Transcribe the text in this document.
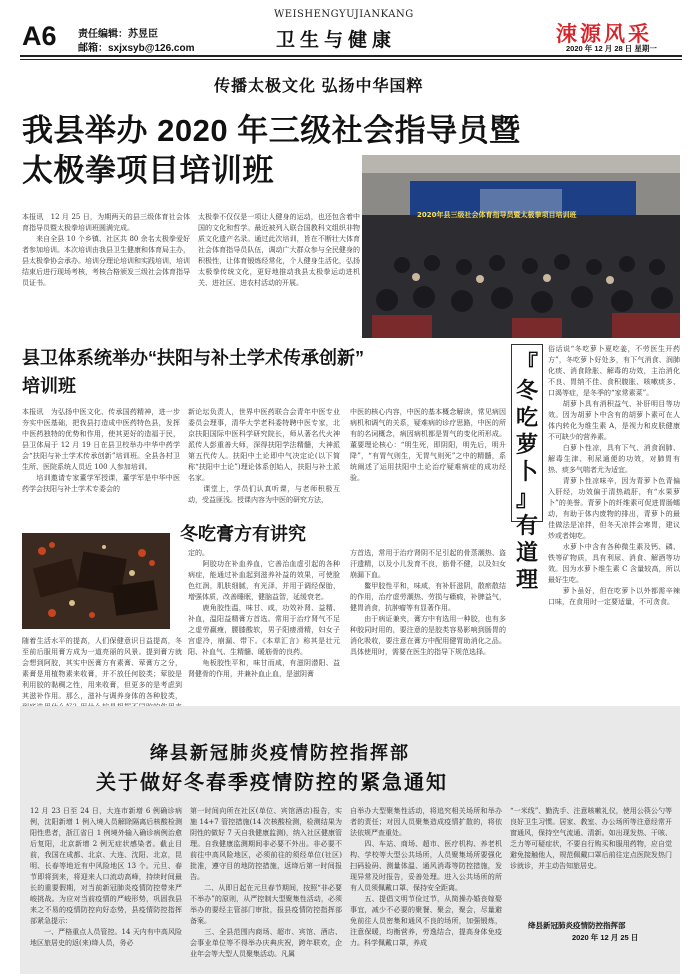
A6 责任编辑：苏昱臣
邮箱：sxjxsyb@126.com
WEISHENGYUJIANKANG
卫生与健康	涑源风采
2020 年 12 月 28 日 星期一
传播太极文化 弘扬中华国粹
我县举办 2020 年三级社会指导员暨
太极拳项目培训班
本报讯　12 月 25 日，为期两天的县三级体育社会体育指导员暨太极拳培训班圆满完成。
　　来自全县 10 个乡镇、社区共 80 余名太极拳爱好者参加培训。本次培训由我县卫生健康和体育局主办，县太极拳协会承办。培训分理论培训和实践培训，培训结束后进行现场考核，考核合格颁发三级社会体育指导员证书。
太极拳不仅仅是一项让人健身的运动，也还包含着中国的文化和哲学。最近被列入联合国教科文组织非物质文化遗产名录。通过此次培训，旨在不断壮大体育社会体育指导员队伍，调动广大群众参与全民健身的积极性，让体育锻炼经常化，个人健身生活化，弘扬太极拳传统文化，更好地推动我县太极拳运动进机关、进社区、进农村活动的开展。
2020年县三级社会体育指导员暨太极拳项目培训班
县卫体系统举办“扶阳与补土学术传承创新”
培训班
本报讯　为弘扬中医文化、传承国药精神，进一步夯实中医基础，把我县打造成中医药特色县，发挥中医药独特的优势和作用，使其更好的造福于民，县卫体局于 12 月 19 日在县卫校举办中华中药学会“扶阳与补土学术传承创新”培训班。全县各村卫生所、医院系统人员近 100 人参加培训。
　　培训邀请专家董学军授课，董学军是中华中医药学会扶阳与补土学术专委会的
新论坛负责人，世界中医药联合会青年中医专业委员会理事，清华大学老科委特聘中医专家，北京扶阳国际中医科学研究院长，师从著名代火神派传人彭重善大师，深得扶阳学法精髓，大神派第五代传人。扶阳中土论即中气决定论(以下简称“扶阳中土论”)理论体系创始人，扶阳与补土派名家。
　　课堂上，学员们认真听课，与老师积极互动，受益匪浅。授课内容为中医的研究方法，
中医的核心内容，中医的基本概念解读，常见病因病机和调气的关系，疑难病的诊疗思路，中医的所有的名词概念，病因病机都是胃气的变化所形成。董要理论核心：“明生死，即阴阳，明先后，明升降”，“有胃气则生，无胃气则死”之中的精髓，系统阐述了运用扶阳中土论治疗疑难病症的成功经验。
冬吃膏方有讲究
随着生活水平的提高，人们保健意识日益提高，冬至前后服用膏方成为一道亮丽的风景。提到膏方就会想到阿胶，其实中医膏方有素膏、荤膏方之分，素膏是用植物素来收膏，并不放任何胶类；荤胶是利用胶的黏稠之性，用来收膏，但更多的是考虑到其滋补作用。那么，滋补与调养身体的各种胶类，
定的。
　　阿胶功在补血养血，它善治血虚引起的各种病症，能通过补血起到滋养补益的效果，可使脸色红润，肌肤细腻，有光泽，并用于调经保胎，增强体质，改善睡眠，健脑益智，延缓衰老。
　　鹿角胶性温，味甘、咸，功效补肾、益精、补血，温阳益精膏方首选。常用于治疗肾气不足之虚劳羸瘦，腰膝酸软，男子阳痿滑精，妇女子宫虚冷，崩漏、带下。《本草汇言》称其是壮元阳、补血气、生精髓、暖筋骨的良药。
　　龟板胶性平和，味甘而咸，有滋阴潜阳、益肾健骨的作用，并兼补血止血，是滋阴膏
方首选，常用于治疗肾阴不足引起的骨蒸潮热、盗汗遗精，以及小儿发育不良，筋骨不健，以及妇女崩漏下血。
　　鳖甲胶性平和，味咸，有补肝滋阴，散瘀散结的作用，治疗虚劳潮热、劳损与癥瘕，补脾益气，健胃消食，抗肿瘤等有显著作用。
　　由于病证兼夹，膏方中有选用一种胶，也有多种胶同时用的，要注意的是胶类容易影响到肠胃的消化吸收，要注意在膏方中配用健胃助消化之品。具体使用时，需要在医生的指导下规范选择。
『
冬
吃
萝
卜
』
有
道
理
俗话说“冬吃萝卜夏吃姜，不劳医生开药方”，冬吃萝卜好处多，有下气消食、润肺化痰、消食除胀、解毒的功效，主治消化不良、胃纳不佳、食积腹胀、咳嗽痰多、口渴等症，是冬季的“家常素菜”。
　　胡萝卜具有消积益气、补肝明目等功效。因为胡萝卜中含有的胡萝卜素可在人体内转化为维生素 A，是视力和皮肤健康不可缺少的营养素。
　　白萝卜性凉，具有下气、消食润肺、解毒生津、利尿通便的功效，对肺胃有热、痰多气喘者尤为适宜。
　　青萝卜性凉味辛，因为青萝卜色青偏入肝经，功效偏于清热疏肝，有“水果萝卜”的美誉。青萝卜的纤维素可促进胃肠蠕动，有助于体内废物的排出，青萝卜的最佳做法是凉拌，但冬天凉拌会寒胃，建议炒或者炖吃。
　　水萝卜中含有各种微生素及钙、磷、铁等矿物质，具有利尿、消食、解酒等功效。因为水萝卜维生素 C 含量较高，所以最好生吃。
　　萝卜虽好，但在吃萝卜以外都需辛辣口味，在食用时一定要适量，不可贪食。
绛县新冠肺炎疫情防控指挥部
关于做好冬春季疫情防控的紧急通知
12 月 23 日至 24 日，大连市新增 6 例确诊病例，沈阳新增 1 例入境人员解除隔离后核酸检测阳性患者，浙江省日 1 例境外输入确诊病例治愈后复阳，北京新增 2 例无症状感染者。截止目前，我国在成都、北京、大连、沈阳、北京，昆明、长春等地近有中风险地区 13 个。元旦、春节即将到来，将迎来人口流动高峰，持续时间最长的重要假期，对当前新冠肺炎疫情防控带来严峻挑战。为应对当前疫情的严峻形势，巩固我县来之不易的疫情防控向好态势，县疫情防控指挥部紧急提示：
　　一、严格重点人员管控。14 天内有中高风险地区旅居史的返(来)绛人员，务必
第一时间向所在社区(单位、宾馆酒店)报告，实施 14+7 管控措施(14 次核酸检测，检测结果为阴性的做好 7 天自我健康监测)，纳入社区健康管理。自我健康监测期间非必要不外出。非必要不前往中高风险地区，必须前往的须经单位(社区)批准，遵守目的地防控措施，返绛后第一时间报告。
　　二、从即日起在元旦春节期间，按照“非必要不举办”的原则，从严控制大型聚集性活动，必须举办的要经主管部门审批，报县疫情防控指挥部备案。
　　三、全县范围内商场、超市、宾馆、酒店、会事业单位等不得举办庆典庆祝，跨年联欢，企业年会等大型人员聚集活动。凡属
自举办大型聚集性活动，将追究相关场所和举办者的责任；对因人员聚集造成疫情扩散的，将依法依规严查重处。
　　四、车站、商场、超市、医疗机构、养老机构、学校等大型公共场所，人员聚集场所要强化扫码验码、测量体温、通风消毒等防控措施，发现异常及时报告，妥善处理。进入公共场所的所有人员须佩戴口罩、保持安全距离。
　　五、提倡文明节俭过节，从简操办婚丧嫁娶事宜，减少不必要的聚餐、聚会，聚会，尽量避免前往人员密集和通风不良的场所，加强锻炼，注意保暖，均衡营养，劳逸结合，提高身体免疫力。科学佩戴口罩，养成
“一米线”、勤洗手、注意咳嗽礼仪，使用公筷公勺等良好卫生习惯。居家、教室、办公场所等注意经常开窗通风，保持空气流通、清新。如出现发热、干咳、乏力等可疑症状，不要自行购买和服用药物，应自觉避免接触他人，规范佩戴口罩后前往定点医院发热门诊就诊，并主动告知旅居史。
绛县新冠肺炎疫情防控指挥部
2020 年 12 月 25 日
